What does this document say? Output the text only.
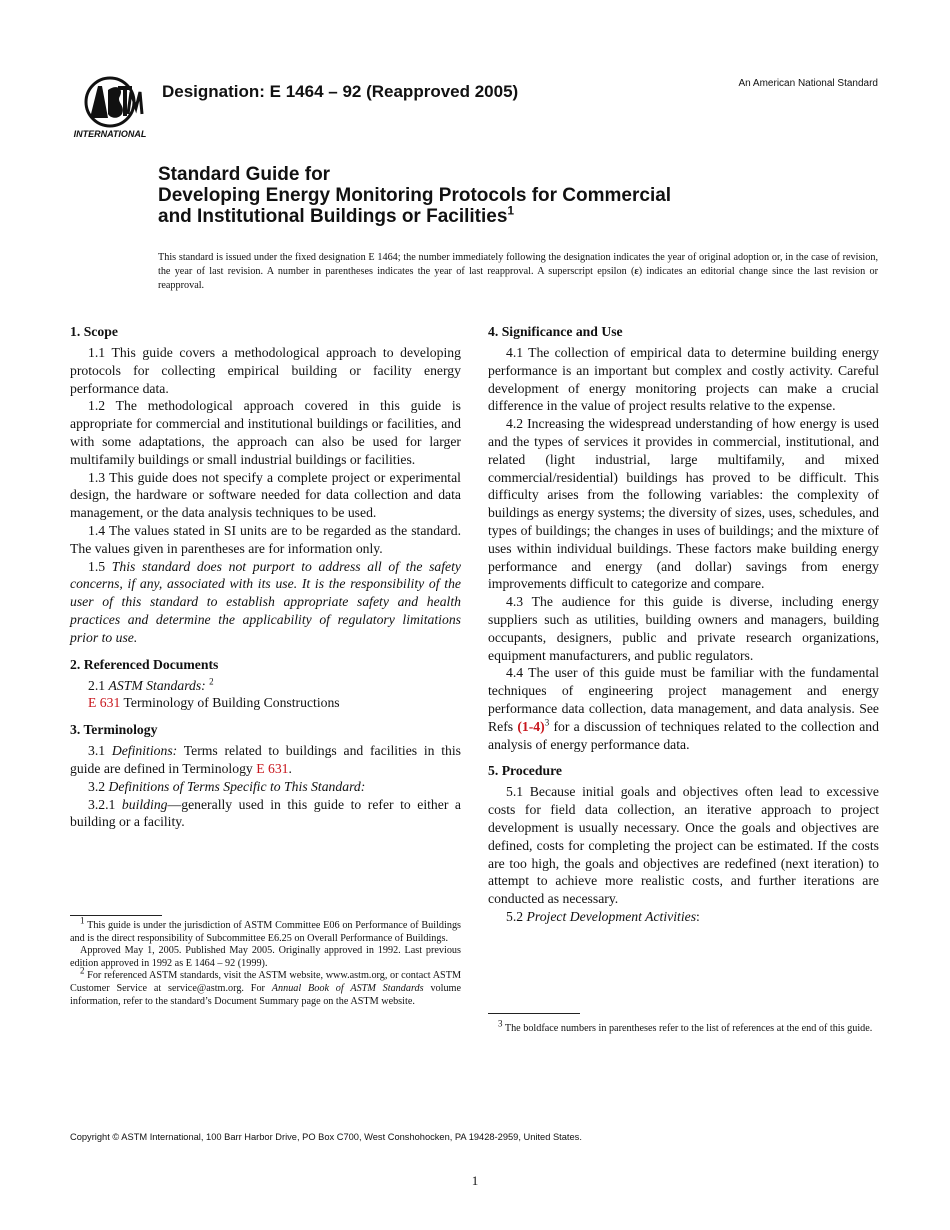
INTERNATIONAL
Designation: E 1464 – 92 (Reapproved 2005)	An American National Standard
Standard Guide for
Developing Energy Monitoring Protocols for Commercial
and Institutional Buildings or Facilities$^1$
This standard is issued under the fixed designation E 1464; the number immediately following the designation indicates the year of original adoption or, in the case of revision, the year of last revision. A number in parentheses indicates the year of last reapproval. A superscript epsilon (ε) indicates an editorial change since the last revision or reapproval.
1. Scope

1.1 This guide covers a methodological approach to developing protocols for collecting empirical building or facility energy performance data.

1.2 The methodological approach covered in this guide is appropriate for commercial and institutional buildings or facilities, and with some adaptations, the approach can also be used for larger multifamily buildings or small industrial buildings or facilities.

1.3 This guide does not specify a complete project or experimental design, the hardware or software needed for data collection and data management, or the data analysis techniques to be used.

1.4 The values stated in SI units are to be regarded as the standard. The values given in parentheses are for information only.

1.5 This standard does not purport to address all of the safety concerns, if any, associated with its use. It is the responsibility of the user of this standard to establish appropriate safety and health practices and determine the applicability of regulatory limitations prior to use.

2. Referenced Documents

2.1 ASTM Standards: $^2$

E 631 Terminology of Building Constructions

3. Terminology

3.1 Definitions: Terms related to buildings and facilities in this guide are defined in Terminology E 631.

3.2 Definitions of Terms Specific to This Standard:

3.2.1 building—generally used in this guide to refer to either a building or a facility.

$^1$ This guide is under the jurisdiction of ASTM Committee E06 on Performance of Buildings and is the direct responsibility of Subcommittee E6.25 on Overall Performance of Buildings.

Approved May 1, 2005. Published May 2005. Originally approved in 1992. Last previous edition approved in 1992 as E 1464 – 92 (1999).

$^2$ For referenced ASTM standards, visit the ASTM website, www.astm.org, or contact ASTM Customer Service at service@astm.org. For Annual Book of ASTM Standards volume information, refer to the standard’s Document Summary page on the ASTM website.

4. Significance and Use

4.1 The collection of empirical data to determine building energy performance is an important but complex and costly activity. Careful development of energy monitoring projects can make a crucial difference in the value of project results relative to the expense.

4.2 Increasing the widespread understanding of how energy is used and the types of services it provides in commercial, institutional, and related (light industrial, large multifamily, and mixed commercial/residential) buildings has proved to be difficult. This difficulty arises from the following variables: the complexity of buildings as energy systems; the diversity of sizes, uses, schedules, and types of buildings; the changes in uses of buildings; and the mixture of uses within individual buildings. These factors make building energy performance and energy (and dollar) savings from energy improvements difficult to categorize and compare.

4.3 The audience for this guide is diverse, including energy suppliers such as utilities, building owners and managers, building occupants, designers, public and private research organizations, equipment manufacturers, and public regulators.

4.4 The user of this guide must be familiar with the fundamental techniques of engineering project management and energy performance data collection, data management, and data analysis. See Refs $(1-4)^3$ for a discussion of techniques related to the collection and analysis of energy performance data.

5. Procedure

5.1 Because initial goals and objectives often lead to excessive costs for field data collection, an iterative approach to project development is usually necessary. Once the goals and objectives are defined, costs for completing the project can be estimated. If the costs are too high, the goals and objectives are redefined (next iteration) to attempt to achieve more realistic costs, and further iterations are conducted as necessary.

5.2 Project Development Activities:

$^3$ The boldface numbers in parentheses refer to the list of references at the end of this guide.

Copyright © ASTM International, 100 Barr Harbor Drive, PO Box C700, West Conshohocken, PA 19428-2959, United States.
1
